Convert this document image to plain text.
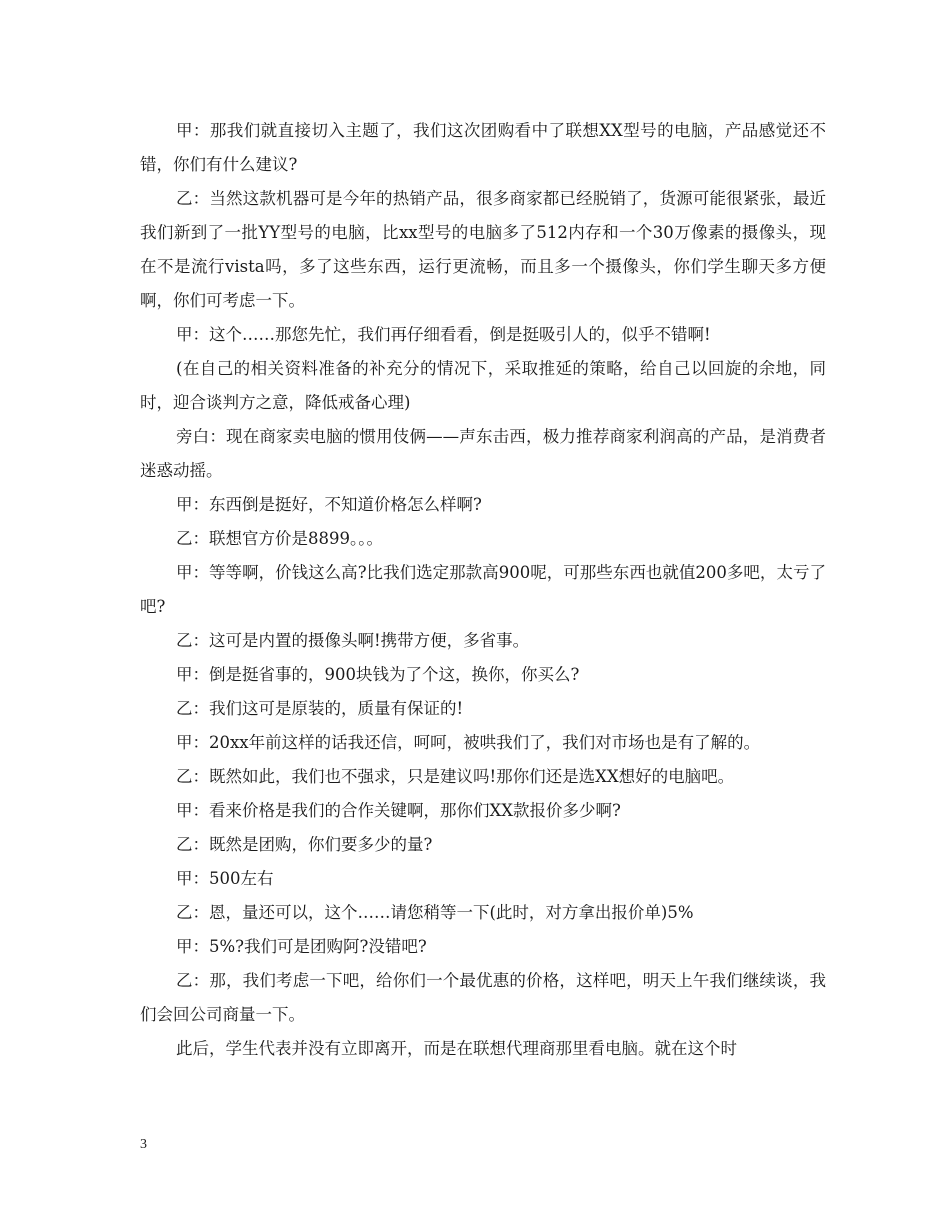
甲：那我们就直接切入主题了，我们这次团购看中了联想XX型号的电脑，产品感觉还不错，你们有什么建议?

乙：当然这款机器可是今年的热销产品，很多商家都已经脱销了，货源可能很紧张，最近我们新到了一批YY型号的电脑，比xx型号的电脑多了512内存和一个30万像素的摄像头，现在不是流行vista吗，多了这些东西，运行更流畅，而且多一个摄像头，你们学生聊天多方便啊，你们可考虑一下。

甲：这个……那您先忙，我们再仔细看看，倒是挺吸引人的，似乎不错啊!

(在自己的相关资料准备的补充分的情况下，采取推延的策略，给自己以回旋的余地，同时，迎合谈判方之意，降低戒备心理)

旁白：现在商家卖电脑的惯用伎俩——声东击西，极力推荐商家利润高的产品，是消费者迷惑动摇。

甲：东西倒是挺好，不知道价格怎么样啊?

乙：联想官方价是8899。。。

甲：等等啊，价钱这么高?比我们选定那款高900呢，可那些东西也就值200多吧，太亏了吧?

乙：这可是内置的摄像头啊!携带方便，多省事。

甲：倒是挺省事的，900块钱为了个这，换你，你买么?

乙：我们这可是原装的，质量有保证的!

甲：20xx年前这样的话我还信，呵呵，被哄我们了，我们对市场也是有了解的。

乙：既然如此，我们也不强求，只是建议吗!那你们还是选XX想好的电脑吧。

甲：看来价格是我们的合作关键啊，那你们XX款报价多少啊?

乙：既然是团购，你们要多少的量?

甲：500左右

乙：恩，量还可以，这个……请您稍等一下(此时，对方拿出报价单)5%

甲：5%?我们可是团购阿?没错吧?

乙：那，我们考虑一下吧，给你们一个最优惠的价格，这样吧，明天上午我们继续谈，我们会回公司商量一下。

此后，学生代表并没有立即离开，而是在联想代理商那里看电脑。就在这个时

3
